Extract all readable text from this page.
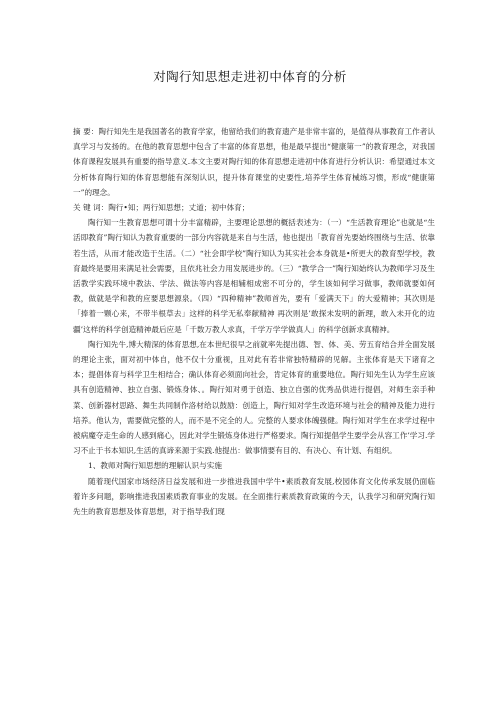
对陶行知思想走进初中体育的分析

摘 要：陶行知先生是我国著名的教育学家，他留给我们的教育遗产是非常丰富的，是值得从事教育工作者认真学习与发扬的。在他的教育思想中包含了丰富的体育思想，他是最早提出“健康第一”的教育理念，对我国体育课程发展具有重要的指导意义.本文主要对陶行知的体育思想走进初中体育进行分析认识：希望通过本文分析体育陶行知的体育思想能有深刻认识，提升体育课堂的史要性,培养学生体育械练习惯，形成“健康第一”的理念。

关 键 词：陶行•知；两行知思想；丈道；初中体育；

陶行知一生教育思想可谓十分丰富精辟，主要理论思想的概括表述为：（一）“生活教育理论”也就是“生活即教育”陶行知认为教育重要的一部分内容就是来自与生活，他也提出「教育首先要始终围绕与生活、依靠若生活，从而才能改造于生活。（二）“社会即学校”陶行知认为其实社会本身就是•所更大的教育型学校，教育最终是要用来满足社会需要，且依兆社会力用发展进步的。（三）“教学合一”陶行知始终认为教师学习及生活教学实践环境中教法、学法、做法等内容是相辅相成密不可分的，学生该如何学习做事，教师就要如何教，做就是学和教的应要思想源泉。（四）“四种精神”教师首先，要有「爱满天下」的大爱精神；其次则是「捧着一颗心来，不带半根草去」这样的科学无私奉献精神 再次则是’敢探未发明的新理，敢入未开化的边疆’这样的科学创造精神最后应是「千数万教人求真，千学万学学做真人」的科学创新求真精神。

陶行知先牛,博大精深的体育思想,在本世纪很早之前就率先提出德、智、体、美、劳五育结合并全面发展的理论主张，面对初中体自，他不仅十分重视，且对此有若非常独特精辟的见解。主张体育是天下诸育之本；提倡体育与科学卫生相结合；确认体育必须面向社会，肯定体育的重要地位。陶行知先生认为学生应该具有创造精神、独立自强、锻炼身体、。陶行知对勇于创造、独立自强的优秀品供进行提倡，对师生亲手种菜、创新器材思路、舞生共同制作洛材给以鼓励：创造上，陶行知对学生改造环境与社会的精神及能力进行培养。他认为，需要做完整的人，而不是不完全的人。完整的人要求体魄强健。陶行知对学生在求学过程中被病魔夺走生命的人感到痛心，因此对学生锻炼身体进行严格要求。陶行知提倡学生要学会从容工作’学习.学习不止于书本知识,生活的真谛来源于实践.他提出：做事情要有目的、有决心、有计划、有组织。

1、教师对陶行知思想的理解认识与实施

随着现代国家市场经济日益发展和进一步推进我国中学牛•素质教育发展,校园体育文化传承发展仍面临着许多问题，影响推进我国素质教育事业的发展。在全面推行素质教育政策的今天，认我学习和研究陶行知先生的教育思想及体育思想，对于指导我们现
